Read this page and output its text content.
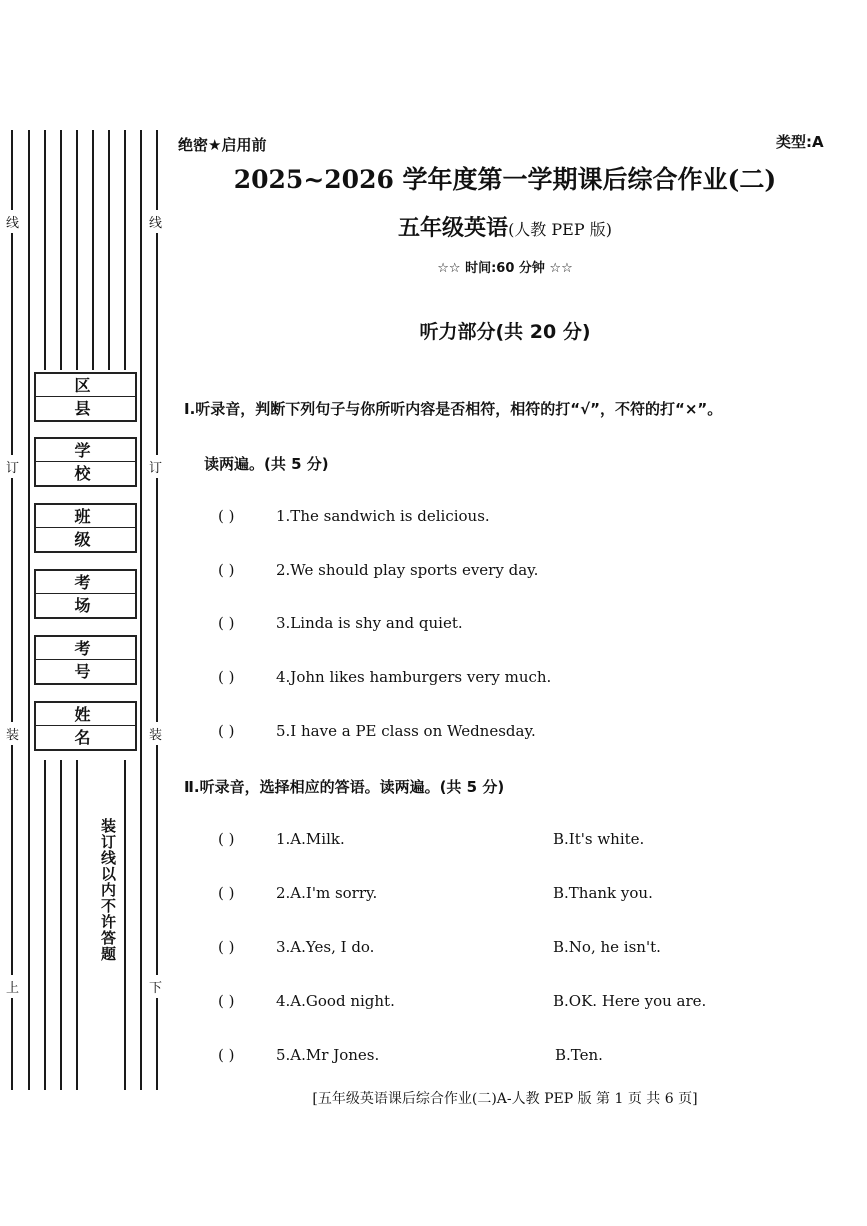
线
订
装
上
线
订
装
下
区县
学校
班级
考场
考号
姓名
装订线以内不许答题
绝密★启用前	类型:A
2025~2026 学年度第一学期课后综合作业(二)
五年级英语(人教 PEP 版)
☆☆ 时间:60 分钟 ☆☆
听力部分(共 20 分)
Ⅰ.听录音，判断下列句子与你所听内容是否相符，相符的打“√”，不符的打“×”。
读两遍。(共 5 分)
( )	1.The sandwich is delicious.
( )	2.We should play sports every day.
( )	3.Linda is shy and quiet.
( )	4.John likes hamburgers very much.
( )	5.I have a PE class on Wednesday.
Ⅱ.听录音，选择相应的答语。读两遍。(共 5 分)
( )	1.A.Milk.	B.It's white.
( )	2.A.I'm sorry.	B.Thank you.
( )	3.A.Yes, I do.	B.No, he isn't.
( )	4.A.Good night.	B.OK. Here you are.
( )	5.A.Mr Jones.	B.Ten.
[五年级英语课后综合作业(二)A-人教 PEP 版 第 1 页 共 6 页]
